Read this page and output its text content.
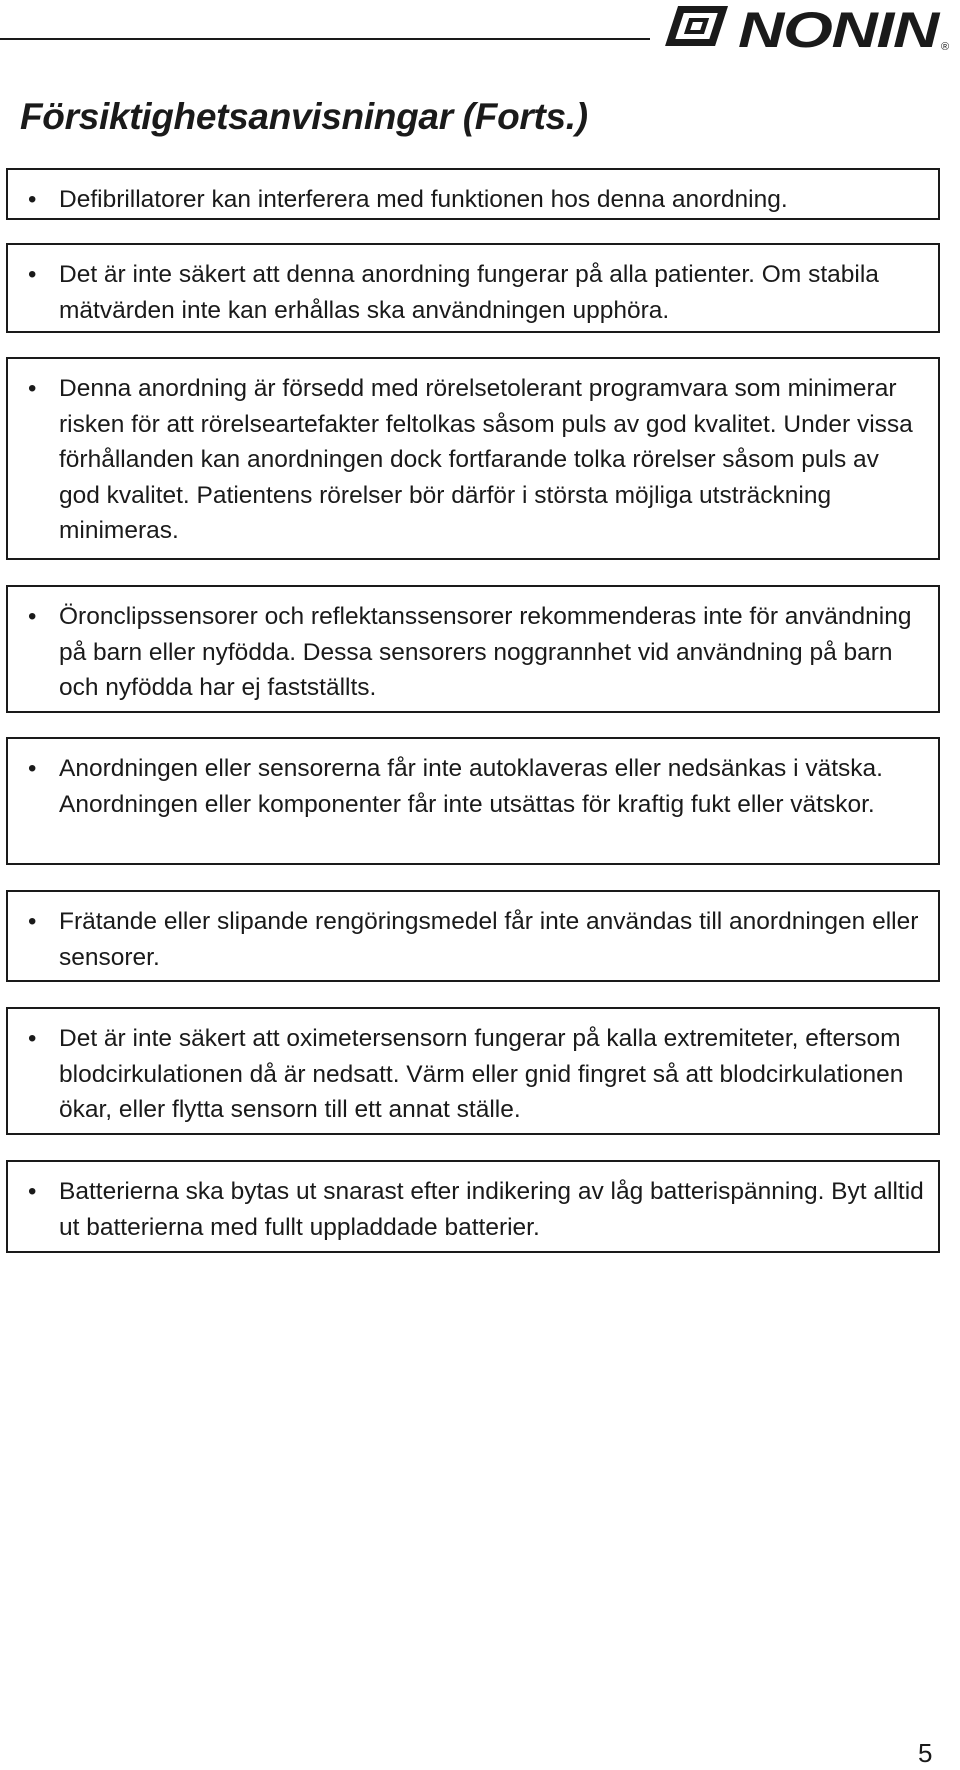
NONIN ®
Försiktighetsanvisningar (Forts.)
• Defibrillatorer kan interferera med funktionen hos denna anordning.
• Det är inte säkert att denna anordning fungerar på alla patienter. Om stabila mätvärden inte kan erhållas ska användningen upphöra.
• Denna anordning är försedd med rörelsetolerant programvara som minimerar risken för att rörelseartefakter feltolkas såsom puls av god kvalitet. Under vissa förhållanden kan anordningen dock fortfarande tolka rörelser såsom puls av god kvalitet. Patientens rörelser bör därför i största möjliga utsträckning minimeras.
• Öronclipssensorer och reflektanssensorer rekommenderas inte för användning på barn eller nyfödda. Dessa sensorers noggrannhet vid användning på barn och nyfödda har ej fastställts.
• Anordningen eller sensorerna får inte autoklaveras eller nedsänkas i vätska. Anordningen eller komponenter får inte utsättas för kraftig fukt eller vätskor.
• Frätande eller slipande rengöringsmedel får inte användas till anordningen eller sensorer.
• Det är inte säkert att oximetersensorn fungerar på kalla extremiteter, eftersom blodcirkulationen då är nedsatt. Värm eller gnid fingret så att blodcirkulationen ökar, eller flytta sensorn till ett annat ställe.
• Batterierna ska bytas ut snarast efter indikering av låg batterispänning. Byt alltid ut batterierna med fullt uppladdade batterier.
5
